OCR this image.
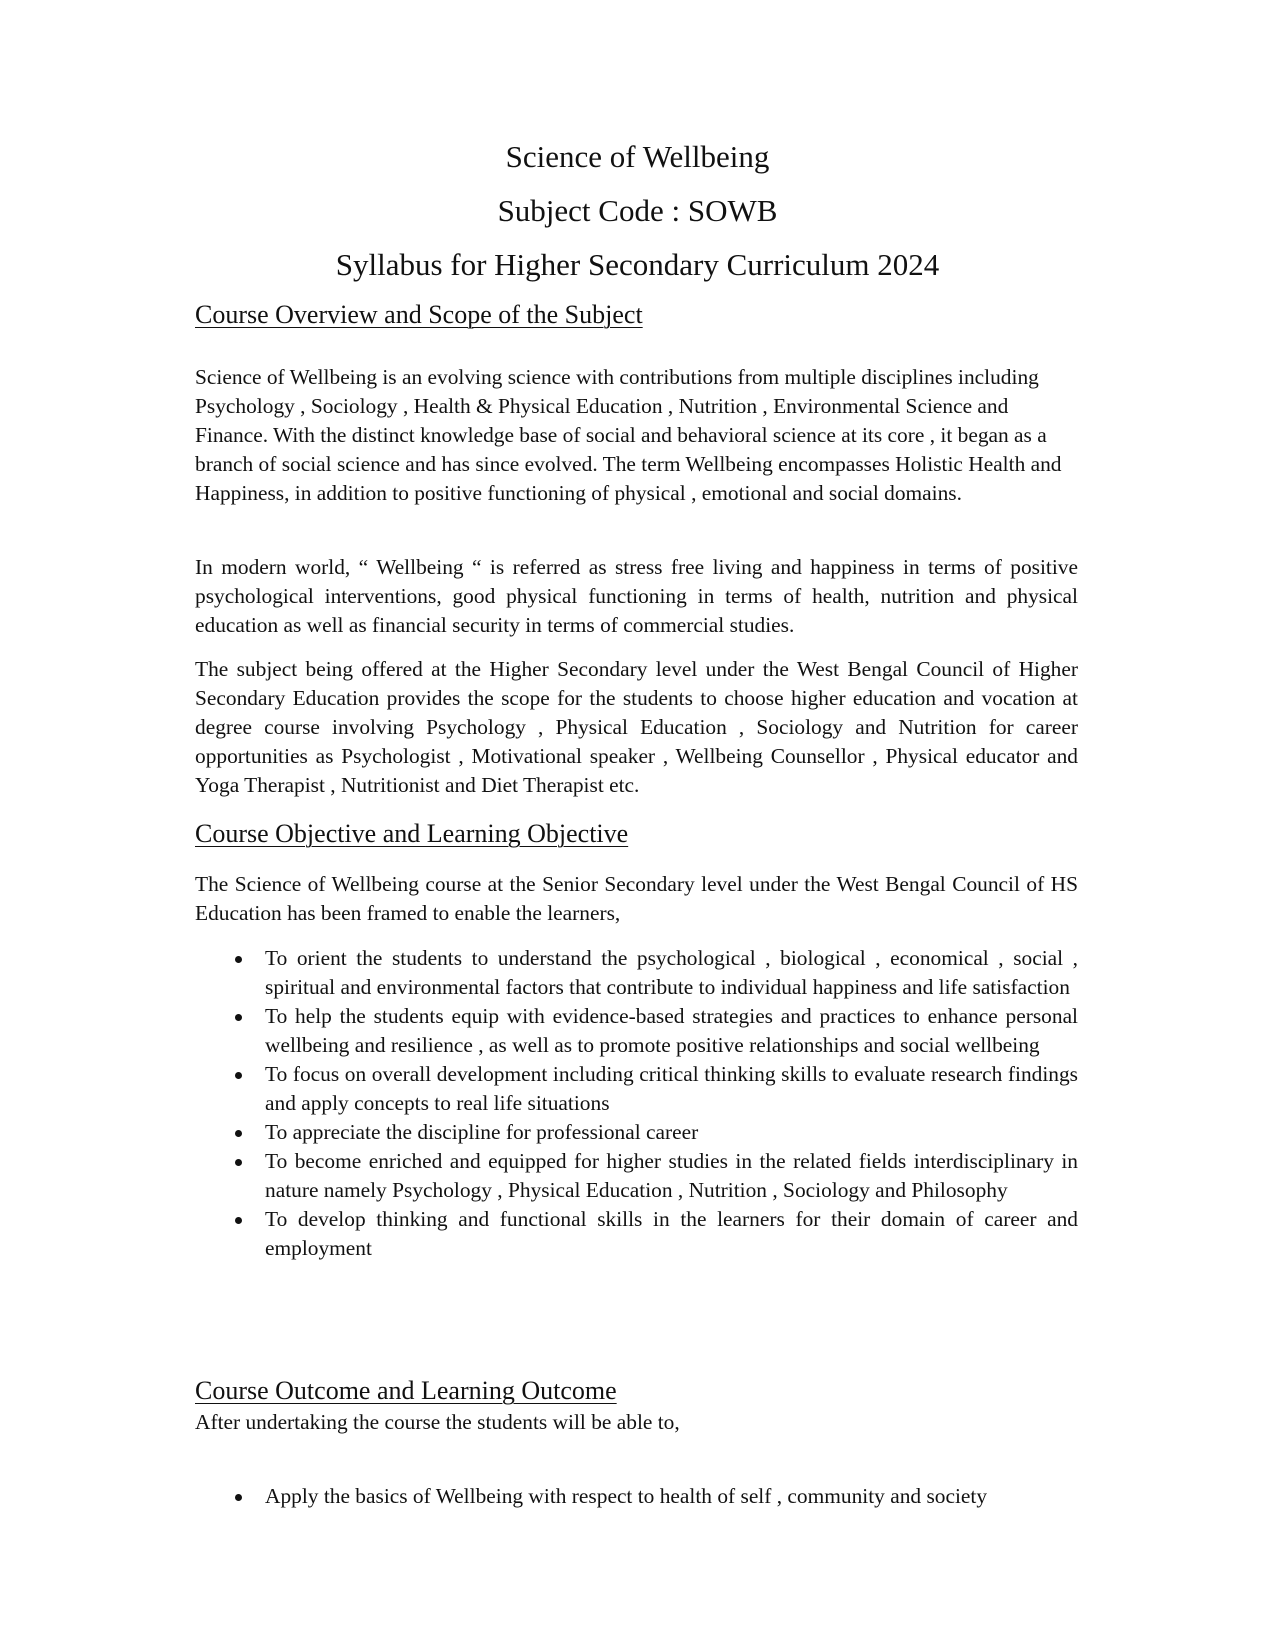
Science of Wellbeing
Subject Code : SOWB
Syllabus for Higher Secondary Curriculum 2024
Course Overview and Scope of the Subject

Science of Wellbeing is an evolving science with contributions from multiple disciplines including Psychology , Sociology , Health & Physical Education , Nutrition , Environmental Science and Finance. With the distinct knowledge base of social and behavioral science at its core , it began as a branch of social science and has since evolved. The term Wellbeing encompasses Holistic Health and Happiness, in addition to positive functioning of physical , emotional and social domains.

In modern world, “ Wellbeing “ is referred as stress free living and happiness in terms of positive psychological interventions, good physical functioning in terms of health, nutrition and physical education as well as financial security in terms of commercial studies.

The subject being offered at the Higher Secondary level under the West Bengal Council of Higher Secondary Education provides the scope for the students to choose higher education and vocation at degree course involving Psychology , Physical Education , Sociology and Nutrition for career opportunities as Psychologist , Motivational speaker , Wellbeing Counsellor , Physical educator and Yoga Therapist , Nutritionist and Diet Therapist etc.

Course Objective and Learning Objective

The Science of Wellbeing course at the Senior Secondary level under the West Bengal Council of HS Education has been framed to enable the learners,

To orient the students to understand the psychological , biological , economical , social , spiritual and environmental factors that contribute to individual happiness and life satisfaction
To help the students equip with evidence-based strategies and practices to enhance personal wellbeing and resilience , as well as to promote positive relationships and social wellbeing
To focus on overall development including critical thinking skills to evaluate research findings and apply concepts to real life situations
To appreciate the discipline for professional career
To become enriched and equipped for higher studies in the related fields interdisciplinary in nature namely Psychology , Physical Education , Nutrition , Sociology and Philosophy
To develop thinking and functional skills in the learners for their domain of career and employment
Course Outcome and Learning Outcome

After undertaking the course the students will be able to,

Apply the basics of Wellbeing with respect to health of self , community and society
